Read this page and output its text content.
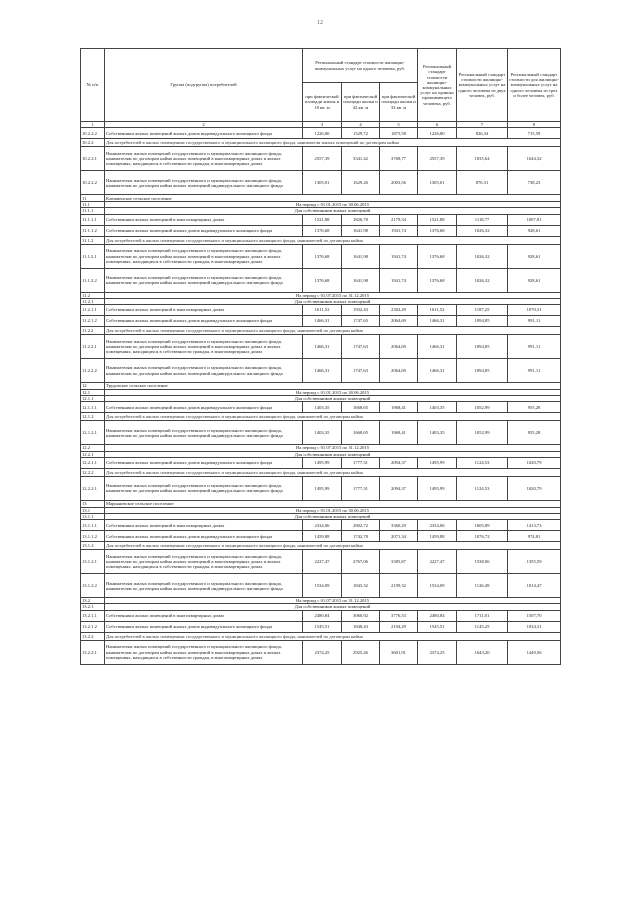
12
№ п/п	Группа (подгруппа) потребителей	Региональный стандарт стоимости жилищно-коммунальных услуг на одного человека, руб.			Региональный стандарт стоимости жилищно-коммунальных услуг на одиноко проживающего человека, руб.	Региональный стандарт стоимости жилищно-коммунальных услуг на одного человека из двух человек, руб.	Региональный стандарт стоимости для жилищно-коммунальных услуг на одного человека из трех и более человек, руб.
		при фактической площади жилья и 18 кв. м	при фактической площади жилья и 42 кв. м	при фактической площади жилья и 33 кв. м			
1	2	3	4	5	6	7	8
10.2.2.2	Собственники жилых помещений жилых домов индивидуального жилищного фонда	1226,80	1529,72	1875,58	1226,80	826,34	715,59
10.2.2	Для потребителей в жилых помещениях государственного и муниципального жилищного фонда, наниматели жилых помещений по договорам найма						
10.2.2.1	Нанимателям жилых помещений государственного и муниципального жилищного фонда, нанимателям по договорам найма жилых помещений в многоквартирных домах и жилых помещениях, находящихся в собственности граждан, в многоквартирных домах	2557,39	3341,42	3768,77	2557,39	1835,64	1644,32
10.2.2.2	Нанимателям жилых помещений государственного и муниципального жилищного фонда, нанимателям по договорам найма жилых помещений индивидуального жилищного фонда	1305,01	1629,26	2003,56	1305,01	876,31	738,23
11	Клюквенское сельское поселение						
11.1	На период с 01.01.2015 по 30.06.2015						
11.1.1	Для собственников жилых помещений						
11.1.1.1	Собственники жилых помещений в многоквартирных домах	1521,88	1826,78	2179,34	1521,88	1118,77	1007,81
11.1.1.2	Собственники жилых помещений жилых домов индивидуального жилищного фонда	1376,68	1641,98	1941,74	1376,68	1026,32	928,61
11.1.2	Для потребителей в жилых помещениях государственного и муниципального жилищного фонда, нанимателей по договорам найма						
11.1.2.1	Нанимателям жилых помещений государственного и муниципального жилищного фонда, нанимателям по договорам найма жилых помещений в многоквартирных домах и жилых помещениях, находящихся в собственности граждан, в многоквартирных домах	1376,68	1641,98	1941,74	1376,68	1026,32	928,61
11.1.2.2	Нанимателям жилых помещений государственного и муниципального жилищного фонда, нанимателям по договорам найма жилых помещений индивидуального жилищного фонда	1376,68	1641,98	1941,74	1376,68	1026,32	928,61
11.2	На период с 01.07.2015 по 31.12.2015						
11.2.1	Для собственников жилых помещений						
11.2.1.1	Собственники жилых помещений в многоквартирных домах	1611,52	1932,43	2302,29	1611,52	1187,25	1070,31
11.2.1.2	Собственники жилых помещений жилых домов индивидуального жилищного фонда	1466,31	1747,63	2064,69	1466,31	1094,85	991,11
11.2.2	Для потребителей в жилых помещениях государственного и муниципального жилищного фонда, нанимателей по договорам найма						
11.2.2.1	Нанимателям жилых помещений государственного и муниципального жилищного фонда, нанимателям по договорам найма жилых помещений в многоквартирных домах и жилых помещениях, находящихся в собственности граждан, в многоквартирных домах	1466,31	1747,63	2064,69	1466,31	1094,85	991,11
11.2.2.2	Нанимателям жилых помещений государственного и муниципального жилищного фонда, нанимателям по договорам найма жилых помещений индивидуального жилищного фонда	1466,31	1747,63	2064,69	1466,31	1094,85	991,11
12	Трудовское сельское поселение						
12.1	На период с 01.01.2015 по 30.06.2015						
12.1.1	Для собственников жилых помещений						
12.1.1.1	Собственники жилых помещений жилых домов индивидуального жилищного фонда	1403,35	1668,65	1968,41	1403,35	1052,99	955,28
12.1.2	Для потребителей в жилых помещениях государственного и муниципального жилищного фонда, нанимателей по договорам найма						
12.1.2.1	Нанимателям жилых помещений государственного и муниципального жилищного фонда, нанимателям по договорам найма жилых помещений индивидуального жилищного фонда	1403,35	1668,65	1968,41	1403,35	1052,99	955,28
12.2	На период с 01.07.2015 по 31.12.2015						
12.2.1	Для собственников жилых помещений						
12.2.1.1	Собственники жилых помещений жилых домов индивидуального жилищного фонда	1495,99	1777,31	2094,37	1495,99	1124,53	1020,79
12.2.2	Для потребителей в жилых помещениях государственного и муниципального жилищного фонда, нанимателей по договорам найма						
12.2.2.1	Нанимателям жилых помещений государственного и муниципального жилищного фонда, нанимателям по договорам найма жилых помещений индивидуального жилищного фонда	1495,99	1777,31	2094,37	1495,99	1124,53	1020,79
13	Марьяновское сельское поселение						
13.1	На период с 01.01.2015 по 30.06.2015						
13.1.1	Для собственников жилых помещений						
13.1.1.1	Собственники жилых помещений в многоквартирных домах	2334,06	2802,72	3360,29	2334,06	1605,89	1413,73
13.1.1.2	Собственники жилых помещений жилых домов индивидуального жилищного фонда	1459,88	1742,78	2071,34	1459,88	1076,72	974,81
13.1.2	Для потребителей в жилых помещениях государственного и муниципального жилищного фонда, нанимателей по договорам найма						
13.1.2.1	Нанимателям жилых помещений государственного и муниципального жилищного фонда, нанимателям по договорам найма жилых помещений в многоквартирных домах и жилых помещениях, находящихся в собственности граждан, в многоквартирных домах	2227,47	2767,06	3385,87	2227,47	1538,06	1355,59
13.1.2.2	Нанимателям жилых помещений государственного и муниципального жилищного фонда, нанимателям по договорам найма жилых помещений индивидуального жилищного фонда	1534,09	1843,32	2199,32	1534,09	1126,49	1014,47
13.2	На период с 01.07.2015 по 31.12.2015						
13.2.1	Для собственников жилых помещений						
13.2.1.1	Собственники жилых помещений в многоквартирных домах	2480,84	3060,92	3776,53	2480,84	1711,01	1507,70
13.2.1.2	Собственники жилых помещений жилых домов индивидуального жилищного фонда	1545,51	1848,43	2194,29	1545,51	1145,25	1034,31
13.2.2	Для потребителей в жилых помещениях государственного и муниципального жилищного фонда, нанимателей по договорам найма						
13.2.2.1	Нанимателям жилых помещений государственного и муниципального жилищного фонда, нанимателям по договорам найма жилых помещений в многоквартирных домах и жилых помещениях, находящихся в собственности граждан, в многоквартирных домах	2374,25	2925,26	3601,91	2374,25	1643,20	1449,56
